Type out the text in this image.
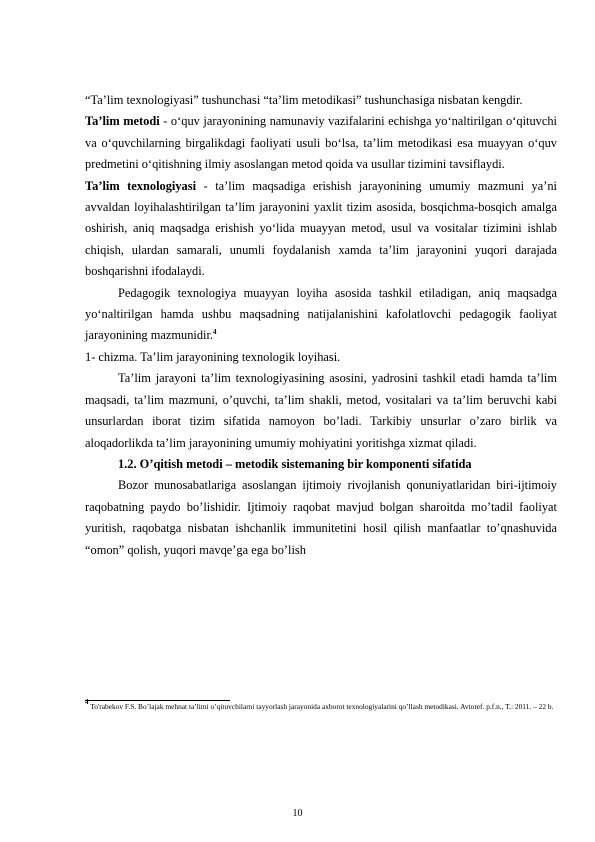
“Ta’lim texnologiyasi” tushunchasi “ta’lim metodikasi” tushunchasiga nisbatan kengdir.

Ta’lim metodi - o‘quv jarayonining namunaviy vazifalarini echishga yo‘naltirilgan o‘qituvchi va o‘quvchilarning birgalikdagi faoliyati usuli bo‘lsa, ta’lim metodikasi esa muayyan o‘quv predmetini o‘qitishning ilmiy asoslangan metod qoida va usullar tizimini tavsiflaydi.

Ta’lim texnologiyasi - ta’lim maqsadiga erishish jarayonining umumiy mazmuni ya’ni avvaldan loyihalashtirilgan ta’lim jarayonini yaxlit tizim asosida, bosqichma-bosqich amalga oshirish, aniq maqsadga erishish yo‘lida muayyan metod, usul va vositalar tizimini ishlab chiqish, ulardan samarali, unumli foydalanish xamda ta’lim jarayonini yuqori darajada boshqarishni ifodalaydi.

Pedagogik texnologiya muayyan loyiha asosida tashkil etiladigan, aniq maqsadga yo‘naltirilgan hamda ushbu maqsadning natijalanishini kafolatlovchi pedagogik faoliyat jarayonining mazmunidir.$^4$

1- chizma. Ta’lim jarayonining texnologik loyihasi.

Ta’lim jarayoni ta’lim texnologiyasining asosini, yadrosini tashkil etadi hamda ta’lim maqsadi, ta’lim mazmuni, o’quvchi, ta’lim shakli, metod, vositalari va ta’lim beruvchi kabi unsurlardan iborat tizim sifatida namoyon bo’ladi. Tarkibiy unsurlar o’zaro birlik va aloqadorlikda ta’lim jarayonining umumiy mohiyatini yoritishga xizmat qiladi.

1.2. O’qitish metodi – metodik sistemaning bir komponenti sifatida

Bozor munosabatlariga asoslangan ijtimoiy rivojlanish qonuniyatlaridan biri-ijtimoiy raqobatning paydo bo’lishidir. Ijtimoiy raqobat mavjud bolgan sharoitda mo’tadil faoliyat yuritish, raqobatga nisbatan ishchanlik immunitetini hosil qilish manfaatlar to’qnashuvida “omon” qolish, yuqori mavqe’ga ega bo’lish

$^4$ To'rabekov F.S. Bo’lajak mehnat ta’limi o’qituvchilarni tayyorlash jarayonida axborot texnologiyalarini qo’llash metodikasi. Avtoref. p.f.n., T.: 2011. – 22 b.
10
